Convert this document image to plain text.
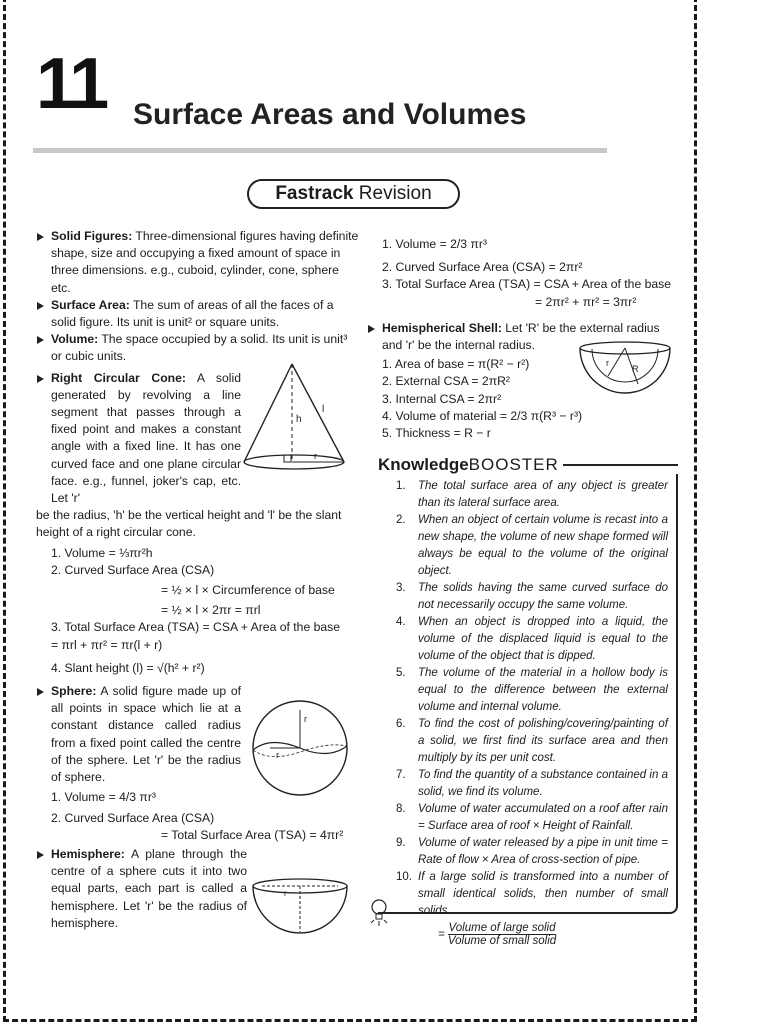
11 Surface Areas and Volumes
Fastrack Revision
Solid Figures: Three-dimensional figures having definite shape, size and occupying a fixed amount of space in three dimensions. e.g., cuboid, cylinder, cone, sphere etc.
Surface Area: The sum of areas of all the faces of a solid figure. Its unit is unit² or square units.
Volume: The space occupied by a solid. Its unit is unit³ or cubic units.
Right Circular Cone: A solid generated by revolving a line segment that passes through a fixed point and makes a constant angle with a fixed line. It has one curved face and one plane circular face. e.g., funnel, joker's cap, etc. Let 'r'
be the radius, 'h' be the vertical height and 'l' be the slant height of a right circular cone.
1. Volume = ⅓πr²h
2. Curved Surface Area (CSA)
= ½ × l × Circumference of base
= ½ × l × 2πr = πrl
3. Total Surface Area (TSA) = CSA + Area of the base
= πrl + πr² = πr(l + r)
4. Slant height (l) = √(h² + r²)
Sphere: A solid figure made up of all points in space which lie at a constant distance called radius from a fixed point called the centre of the sphere. Let 'r' be the radius of sphere.
1. Volume = 4/3 πr³
2. Curved Surface Area (CSA)
= Total Surface Area (TSA) = 4πr²
Hemisphere: A plane through the centre of a sphere cuts it into two equal parts, each part is called a hemisphere. Let 'r' be the radius of hemisphere.
h
l
r
r
r
r
1. Volume = 2/3 πr³
2. Curved Surface Area (CSA) = 2πr²
3. Total Surface Area (TSA) = CSA + Area of the base
= 2πr² + πr² = 3πr²
Hemispherical Shell: Let 'R' be the external radius and 'r' be the internal radius.
1. Area of base = π(R² − r²)
2. External CSA = 2πR²
3. Internal CSA = 2πr²
4. Volume of material = 2/3 π(R³ − r³)
5. Thickness = R − r
r
R
Knowledge BOOSTER
1. The total surface area of any object is greater than its lateral surface area.
2. When an object of certain volume is recast into a new shape, the volume of new shape formed will always be equal to the volume of the original object.
3. The solids having the same curved surface do not necessarily occupy the same volume.
4. When an object is dropped into a liquid, the volume of the displaced liquid is equal to the volume of the object that is dipped.
5. The volume of the material in a hollow body is equal to the difference between the external volume and internal volume.
6. To find the cost of polishing/covering/painting of a solid, we first find its surface area and then multiply by its per unit cost.
7. To find the quantity of a substance contained in a solid, we find its volume.
8. Volume of water accumulated on a roof after rain = Surface area of roof × Height of Rainfall.
9. Volume of water released by a pipe in unit time = Rate of flow × Area of cross-section of pipe.
10. If a large solid is transformed into a number of small identical solids, then number of small solids
= $\frac{\text{Volume of large solid}}{\text{Volume of small solid}}$
